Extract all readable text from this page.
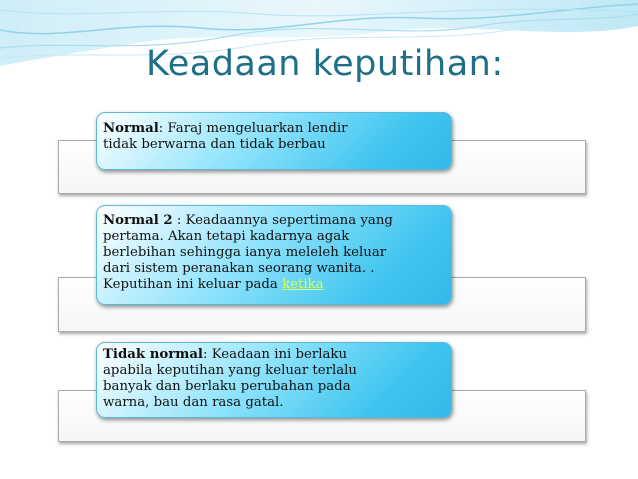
Keadaan keputihan:
Normal: Faraj mengeluarkan lendir tidak berwarna dan tidak berbau
Normal 2 : Keadaannya sepertimana yang pertama. Akan tetapi kadarnya agak berlebihan sehingga ianya meleleh keluar dari sistem peranakan seorang wanita. . Keputihan ini keluar pada ketika
Tidak normal: Keadaan ini berlaku apabila keputihan yang keluar terlalu banyak dan berlaku perubahan pada warna, bau dan rasa gatal.
